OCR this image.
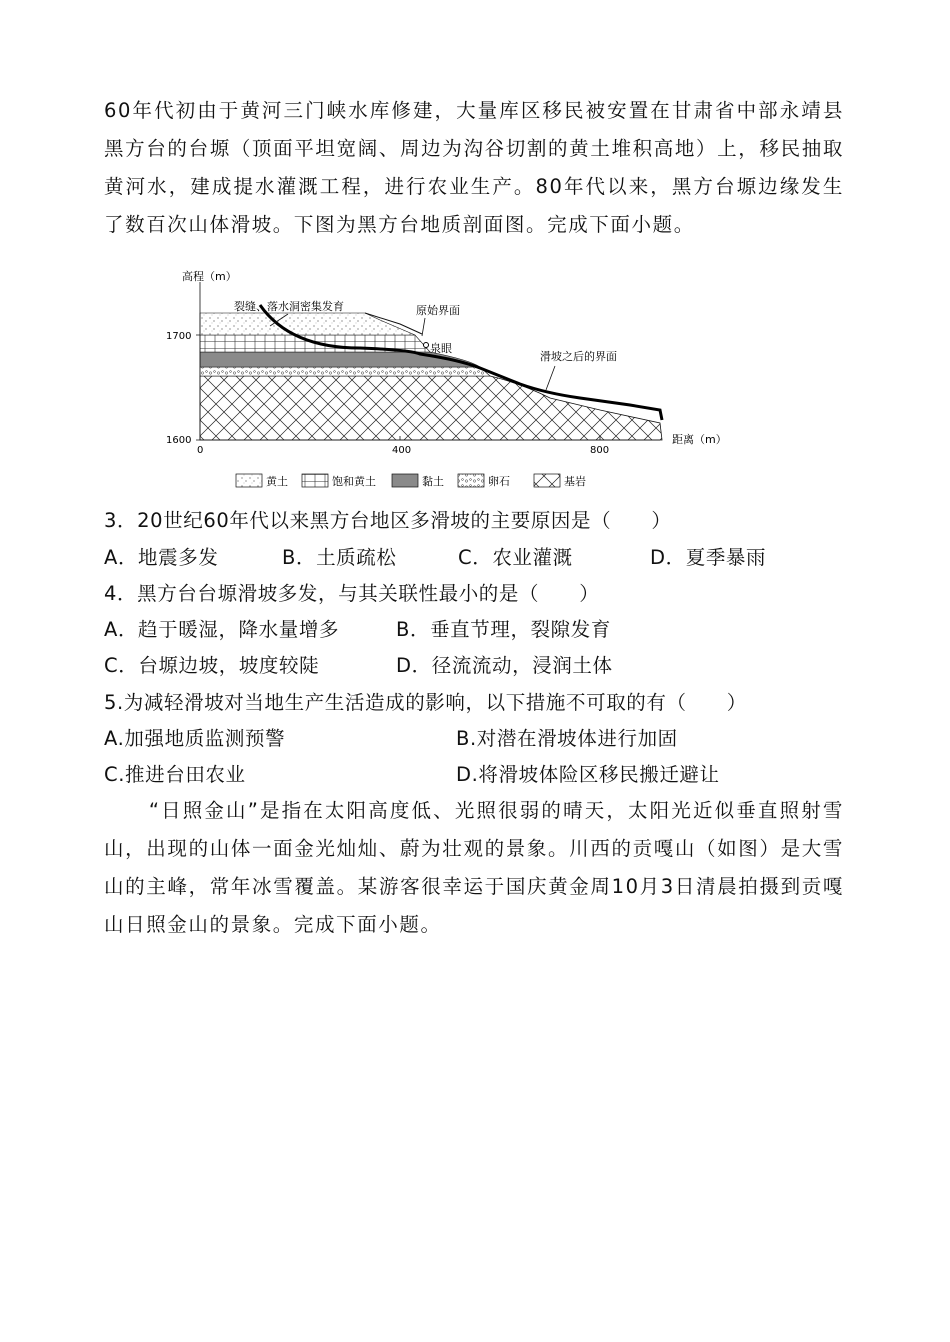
60年代初由于黄河三门峡水库修建，大量库区移民被安置在甘肃省中部永靖县黑方台的台塬（顶面平坦宽阔、周边为沟谷切割的黄土堆积高地）上，移民抽取黄河水，建成提水灌溉工程，进行农业生产。80年代以来，黑方台塬边缘发生了数百次山体滑坡。下图为黑方台地质剖面图。完成下面小题。
高程（m）
1700
1600
0	400	800
距离（m）
裂缝、落水洞密集发育	原始界面
泉眼
滑坡之后的界面
黄土	饱和黄土	黏土	卵石	基岩
3．20世纪60年代以来黑方台地区多滑坡的主要原因是（　　）
A．地震多发	B．土质疏松	C．农业灌溉	D．夏季暴雨
4．黑方台台塬滑坡多发，与其关联性最小的是（　　）
A．趋于暖湿，降水量增多	B．垂直节理，裂隙发育
C．台塬边坡，坡度较陡	D．径流流动，浸润土体
5.为减轻滑坡对当地生产生活造成的影响，以下措施不可取的有（　　）
A.加强地质监测预警	B.对潜在滑坡体进行加固
C.推进台田农业	D.将滑坡体险区移民搬迁避让
“日照金山”是指在太阳高度低、光照很弱的晴天，太阳光近似垂直照射雪山，出现的山体一面金光灿灿、蔚为壮观的景象。川西的贡嘎山（如图）是大雪山的主峰，常年冰雪覆盖。某游客很幸运于国庆黄金周10月3日清晨拍摄到贡嘎山日照金山的景象。完成下面小题。
